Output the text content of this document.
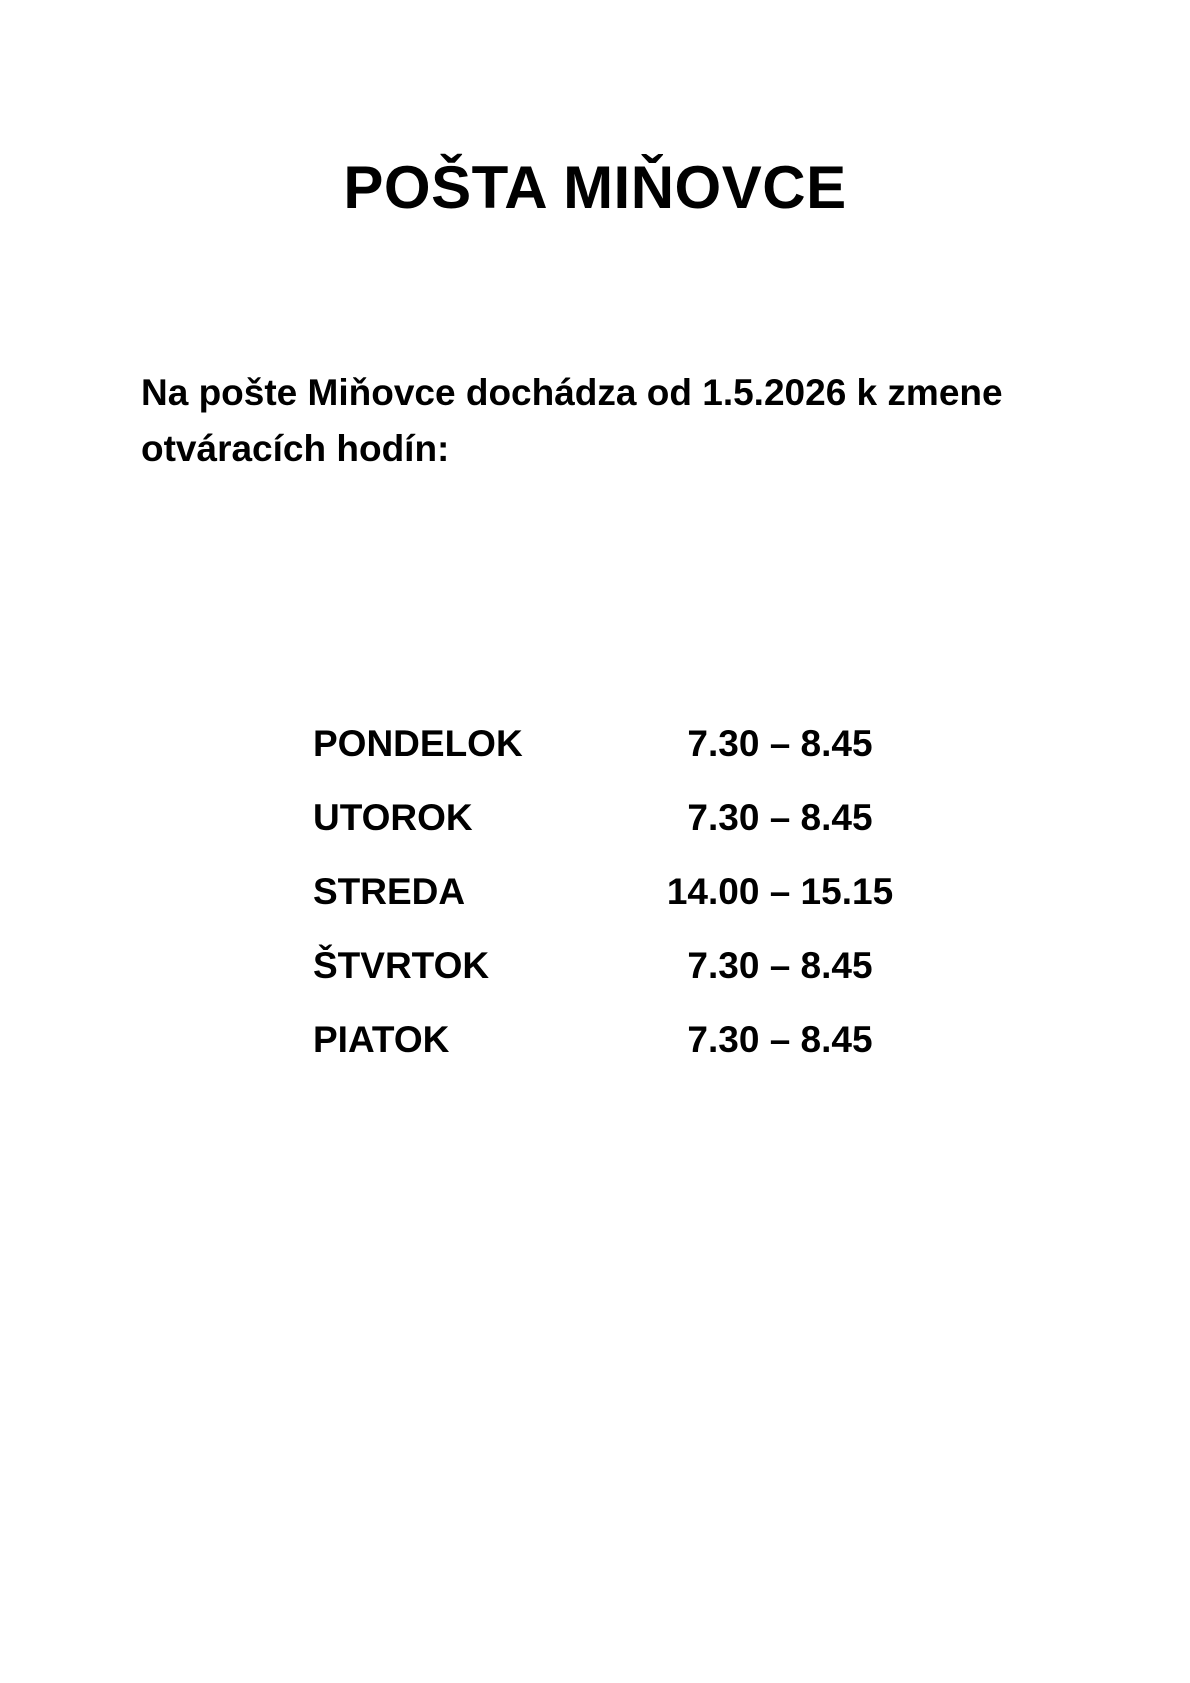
POŠTA MIŇOVCE
Na pošte Miňovce dochádza od 1.5.2026 k zmene otváracích hodín:
PONDELOK	7.30 – 8.45
UTOROK	7.30 – 8.45
STREDA	14.00 – 15.15
ŠTVRTOK	7.30 – 8.45
PIATOK	7.30 – 8.45
